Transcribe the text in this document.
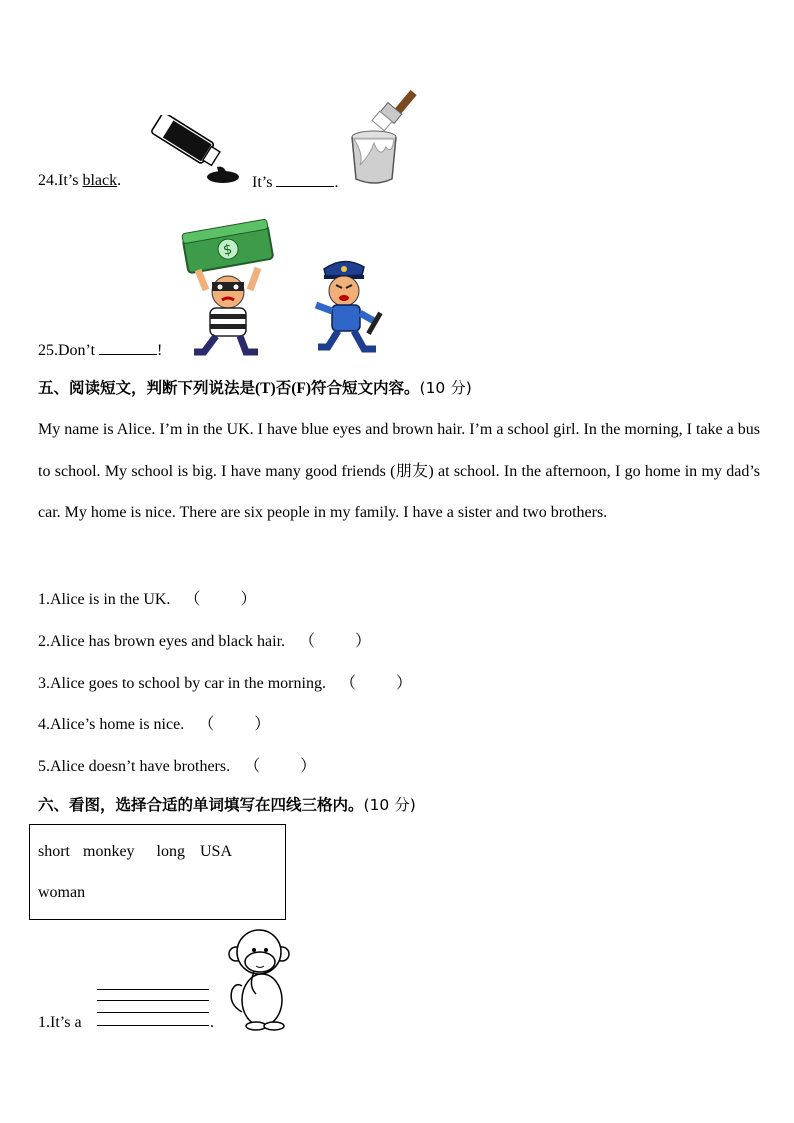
24.It’s black.	It’s	.
25.Don’t	!
$
五、阅读短文，判断下列说法是(T)否(F)符合短文内容。(10 分)
My name is Alice. I’m in the UK. I have blue eyes and brown hair. I’m a school girl. In the morning, I take a bus to school. My school is big. I have many good friends (朋友) at school. In the afternoon, I go home in my dad’s car. My home is nice. There are six people in my family. I have a sister and two brothers.
1.Alice is in the UK. （	）
2.Alice has brown eyes and black hair. （	）
3.Alice goes to school by car in the morning. （	）
4.Alice’s home is nice. （	）
5.Alice doesn’t have brothers. （	）
六、看图，选择合适的单词填写在四线三格内。(10 分)
short monkey long USA
woman
1.It’s a	.
